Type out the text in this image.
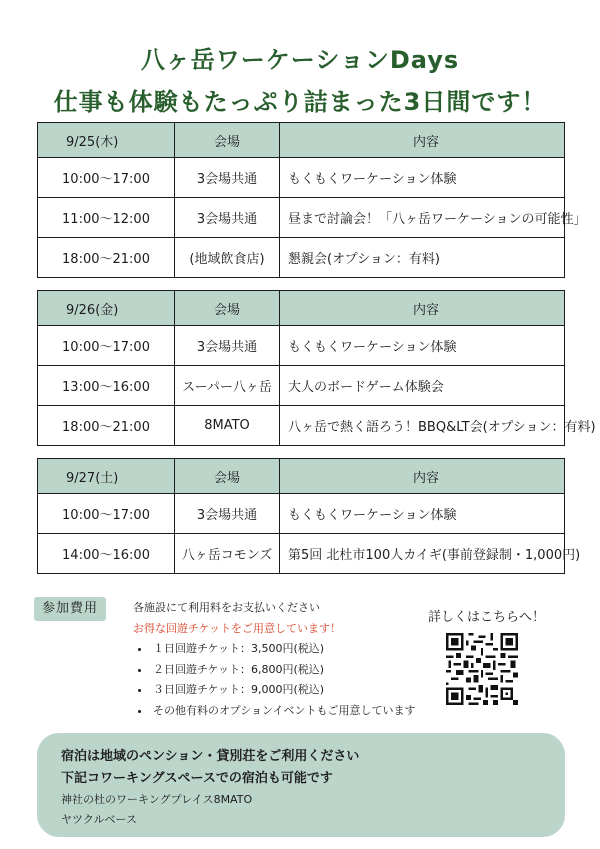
八ヶ岳ワーケーションDays
仕事も体験もたっぷり詰まった3日間です！
9/25(木)	会場	内容
10:00〜17:00	3会場共通	もくもくワーケーション体験
11:00〜12:00	3会場共通	昼まで討論会！「八ヶ岳ワーケーションの可能性」
18:00〜21:00	(地域飲食店)	懇親会(オプション：有料)
9/26(金)	会場	内容
10:00〜17:00	3会場共通	もくもくワーケーション体験
13:00〜16:00	スーパー八ヶ岳	大人のボードゲーム体験会
18:00〜21:00	8MATO	八ヶ岳で熱く語ろう！BBQ&LT会(オプション：有料)
9/27(土)	会場	内容
10:00〜17:00	3会場共通	もくもくワーケーション体験
14:00〜16:00	八ヶ岳コモンズ	第5回 北杜市100人カイギ(事前登録制・1,000円)
参加費用	各施設にて利用料をお支払いください
お得な回遊チケットをご用意しています！
• １日回遊チケット：3,500円(税込)
• ２日回遊チケット：6,800円(税込)
• ３日回遊チケット：9,000円(税込)
• その他有料のオプションイベントもご用意しています
詳しくはこちらへ！
宿泊は地域のペンション・貸別荘をご利用ください
下記コワーキングスペースでの宿泊も可能です
神社の杜のワーキングプレイス8MATO
ヤツクルベース
